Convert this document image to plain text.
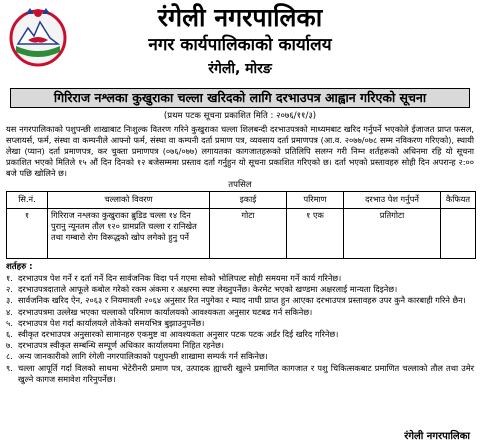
रंगेली नगरपालिका
नगर कार्यपालिकाको कार्यालय
रंगेली, मोरङ
गिरिराज नश्लका कुखुराका चल्ला खरिदको लागि दरभाउपत्र आह्वान गरिएको सूचना
(प्रथम पटक सूचना प्रकाशित मिति : २०७६/११/३)
यस नगरपालिकाको पशुपन्छी शाखाबाट निःशुल्क वितरण गरिने कुखुराका चल्ला शिलबन्दी दरभाउपत्रको माध्यमबाट खरिद गर्नुपर्ने भएकोले ईजाजत प्राप्त फसल, सप्लायर्स, फर्म, संस्था वा कम्पनीले आफ्नो फर्म, संस्था वा कम्पनी दर्ता प्रमाण पत्र, व्यवसाय दर्ता प्रमाणपत्र (आ.व. २०७७/०७८ सम्म नविकरण गरिएको), स्थायी लेखा (प्यान) दर्ता प्रमाणपत्र, कर चुक्ता प्रमाणपत्र (०७६/०७७) लगायतका कागजातहरूको प्रतिलिपि सलग्न गरी निम्न शर्तहरूको अधिनमा रहि यो सूचना प्रकाशित भएको मितिले १५ औं दिन दिनको १२ बजेसम्ममा प्रस्ताव दर्ता गर्नुहुन यो सूचना प्रकाशित गरिएको छ। दर्ता भएको प्रस्तावहरु सोही दिन अपरान्ह २:०० बजे पछि खोलिने छ।
तपसिल
सि.नं.	चल्लाको विवरण	इकाई	परिमाण	दरभाउ पेश गर्नुपर्ने	कैफियत
१	गिरिराज नश्लका कुखुराका ब्रुडिड चल्ला १४ दिन पुरानु न्यूनतम तौल १२० ग्रामप्रति चल्ला र रानिखेत तथा गम्बारो रोग विरूद्धको खोप लगेको हुनु पर्ने	गोटा	१ एक	प्रतिगोटा	
शर्तहरु :
१. दरभाउपत्र पेश गर्ने र दर्ता गर्ने दिन सार्वजनिक विदा पर्न गएमा सोको भोलिपल्ट सोही समयमा गर्ने कार्य गरिनेछ।
२. दरभाउपत्रदाताले आफूले कबोल गरेको रकम अंकमा र अक्षरमा स्पष्ट लेख्नुपर्नेछ। केरमेट भएको खण्डमा अक्षरलाई मान्यता दिइनेछ।
३. सार्वजनिक खरिद ऐन, २०६३ र नियमावली २०६४ अनुसार रित नपुगेका र म्याद नाघी प्राप्त हुन आएका दरभाउपत्र प्रस्तावहरु उपर कुनै कारबाही गरिने छैन।
४. दरभाउपत्रमा उल्लेख भएका चल्लाको परिमाण कार्यालयको आवश्यकता अनुसार घटबढ गर्न सकिनेछ।
५. दरभाउपत्र पेश गर्दा कार्यालयले तोकेको समयभित्र बुझाउनुपर्नेछ।
६. स्वीकृत दरभाउपत्र अनुसारको सामानहरु एकमुष्ट वा आवश्यकता अनुसार पटक पटक अर्डर दिई खरिद गरिनेछ।
७. दरभाउपत्र स्वीकृत सम्बन्धि सम्पूर्ण अधिकार कार्यालयमा निहित रहनेछ।
८. अन्य जानकारीको लागि रंगेली नगरपालिकाको पशुपन्छी शाखामा सम्पर्क गर्न सकिनेछ।
९. चल्ला आपूर्ति गर्दा विलको साथमा भेटेरीनरी प्रमाण पत्र, उत्पादक ह्याचरी खुल्ने प्रमाणित कागजात र पशु चिकित्सकबाट प्रमाणित चल्लाको तौल तथा उमेर खुल्ने कागज समावेश गरिनुपर्नेछ।
रंगेली नगरपालिका
